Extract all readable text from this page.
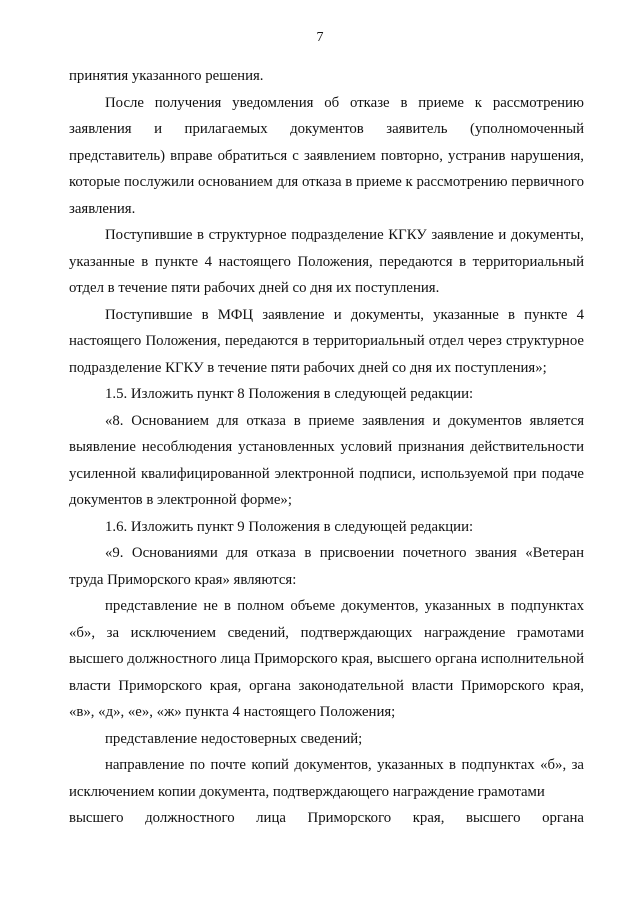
7

принятия указанного решения.

После получения уведомления об отказе в приеме к рассмотрению заявления и прилагаемых документов заявитель (уполномоченный представитель) вправе обратиться с заявлением повторно, устранив нарушения, которые послужили основанием для отказа в приеме к рассмотрению первичного заявления.

Поступившие в структурное подразделение КГКУ заявление и документы, указанные в пункте 4 настоящего Положения, передаются в территориальный отдел в течение пяти рабочих дней со дня их поступления.

Поступившие в МФЦ заявление и документы, указанные в пункте 4 настоящего Положения, передаются в территориальный отдел через структурное подразделение КГКУ в течение пяти рабочих дней со дня их поступления»;

1.5. Изложить пункт 8 Положения в следующей редакции:

«8. Основанием для отказа в приеме заявления и документов является выявление несоблюдения установленных условий признания действительности усиленной квалифицированной электронной подписи, используемой при подаче документов в электронной форме»;

1.6. Изложить пункт 9 Положения в следующей редакции:

«9. Основаниями для отказа в присвоении почетного звания «Ветеран труда Приморского края» являются:

представление не в полном объеме документов, указанных в подпунктах «б», за исключением сведений, подтверждающих награждение грамотами высшего должностного лица Приморского края, высшего органа исполнительной власти Приморского края, органа законодательной власти Приморского края, «в», «д», «е», «ж» пункта 4 настоящего Положения;

представление недостоверных сведений;

направление по почте копий документов, указанных в подпунктах «б», за исключением копии документа, подтверждающего награждение грамотами

высшего должностного лица Приморского края, высшего органа
